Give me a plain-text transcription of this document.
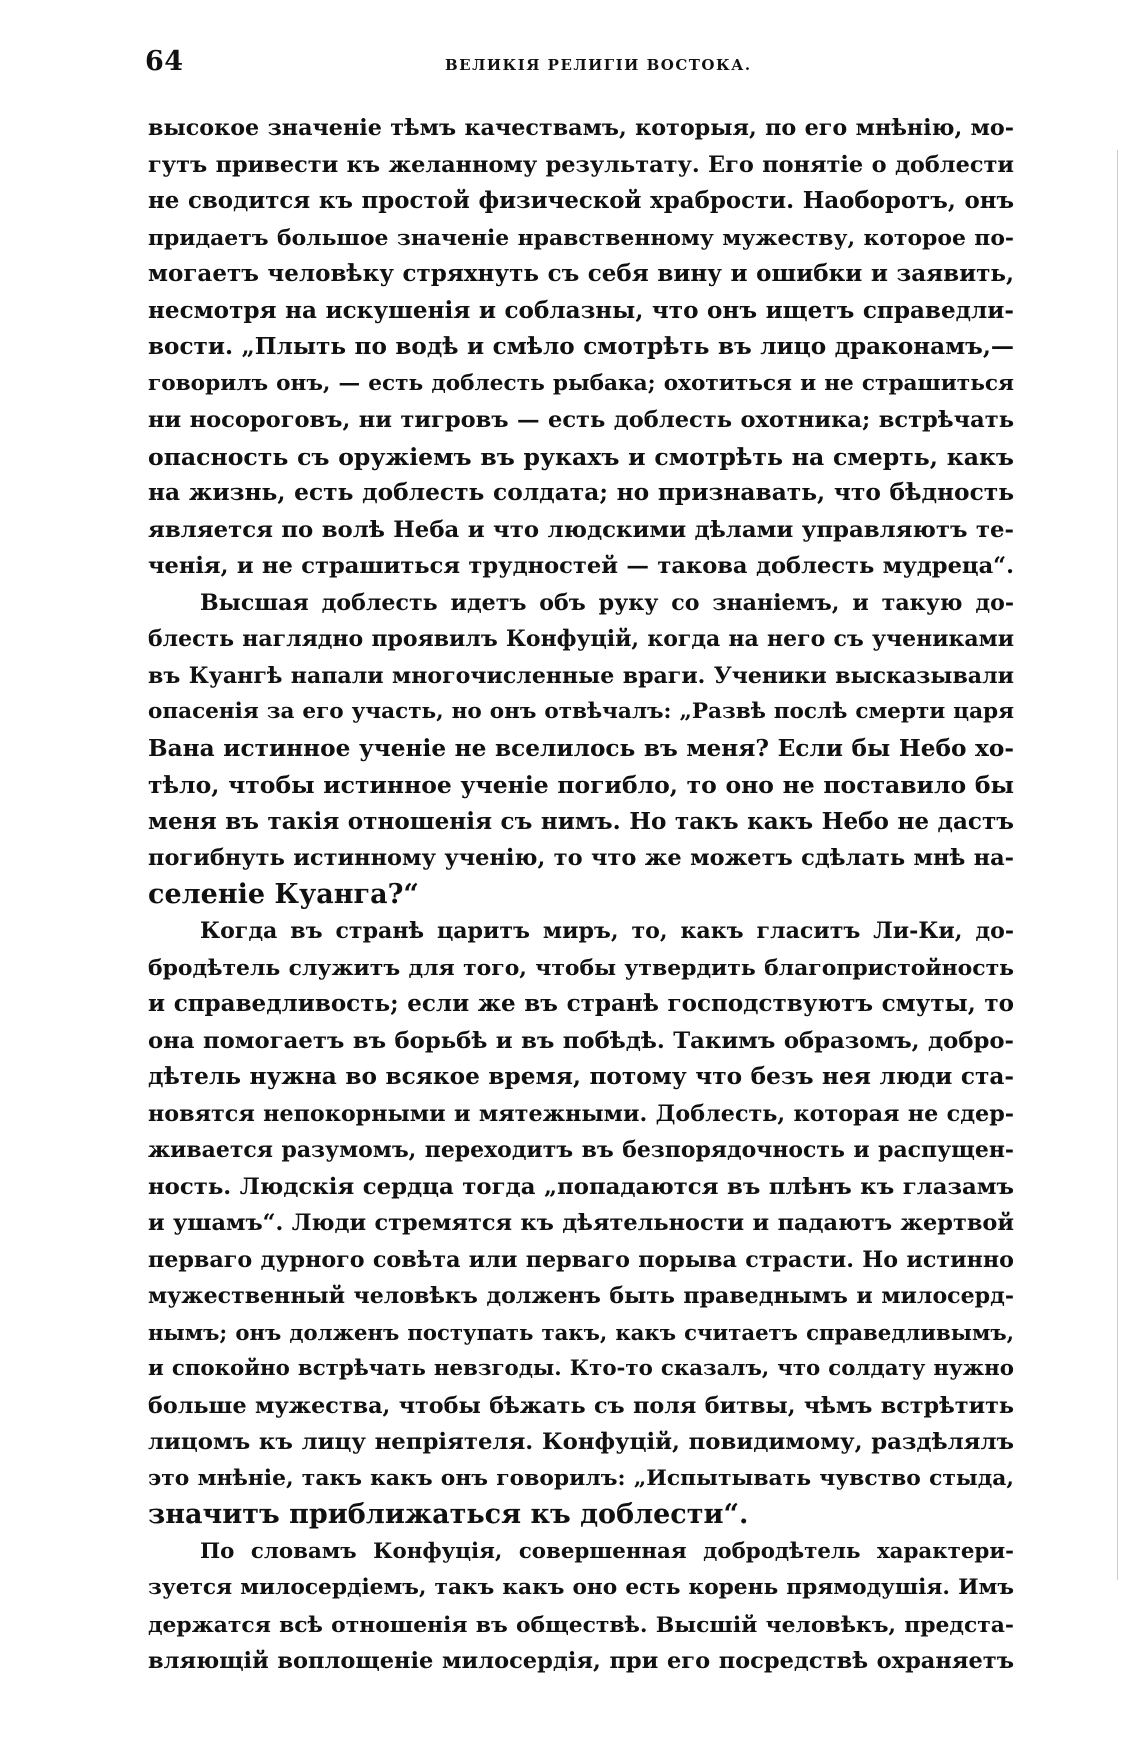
64	ВЕЛИКІЯ РЕЛИГІИ ВОСТОКА.
высокое значеніе тѣмъ качествамъ, которыя, по его мнѣнію, мо-
гутъ привести къ желанному результату. Его понятіе о доблести
не сводится къ простой физической храбрости. Наоборотъ, онъ
придаетъ большое значеніе нравственному мужеству, которое по-
могаетъ человѣку стряхнуть съ себя вину и ошибки и заявить,
несмотря на искушенія и соблазны, что онъ ищетъ справедли-
вости. „Плыть по водѣ и смѣло смотрѣть въ лицо драконамъ,—
говорилъ онъ, — есть доблесть рыбака; охотиться и не страшиться
ни носороговъ, ни тигровъ — есть доблесть охотника; встрѣчать
опасность съ оружіемъ въ рукахъ и смотрѣть на смерть, какъ
на жизнь, есть доблесть солдата; но признавать, что бѣдность
является по волѣ Неба и что людскими дѣлами управляютъ те-
ченія, и не страшиться трудностей — такова доблесть мудреца“.
Высшая доблесть идетъ объ руку со знаніемъ, и такую до-
блесть наглядно проявилъ Конфуцій, когда на него съ учениками
въ Куангѣ напали многочисленные враги. Ученики высказывали
опасенія за его участь, но онъ отвѣчалъ: „Развѣ послѣ смерти царя
Вана истинное ученіе не вселилось въ меня? Если бы Небо хо-
тѣло, чтобы истинное ученіе погибло, то оно не поставило бы
меня въ такія отношенія съ нимъ. Но такъ какъ Небо не дастъ
погибнуть истинному ученію, то что же можетъ сдѣлать мнѣ на-
селеніе Куанга?“
Когда въ странѣ царитъ миръ, то, какъ гласитъ Ли-Ки, до-
бродѣтель служитъ для того, чтобы утвердить благопристойность
и справедливость; если же въ странѣ господствуютъ смуты, то
она помогаетъ въ борьбѣ и въ побѣдѣ. Такимъ образомъ, добро-
дѣтель нужна во всякое время, потому что безъ нея люди ста-
новятся непокорными и мятежными. Доблесть, которая не сдер-
живается разумомъ, переходитъ въ безпорядочность и распущен-
ность. Людскія сердца тогда „попадаются въ плѣнъ къ глазамъ
и ушамъ“. Люди стремятся къ дѣятельности и падаютъ жертвой
перваго дурного совѣта или перваго порыва страсти. Но истинно
мужественный человѣкъ долженъ быть праведнымъ и милосерд-
нымъ; онъ долженъ поступать такъ, какъ считаетъ справедливымъ,
и спокойно встрѣчать невзгоды. Кто-то сказалъ, что солдату нужно
больше мужества, чтобы бѣжать съ поля битвы, чѣмъ встрѣтить
лицомъ къ лицу непріятеля. Конфуцій, повидимому, раздѣлялъ
это мнѣніе, такъ какъ онъ говорилъ: „Испытывать чувство стыда,
значитъ приближаться къ доблести“.
По словамъ Конфуція, совершенная добродѣтель характери-
зуется милосердіемъ, такъ какъ оно есть корень прямодушія. Имъ
держатся всѣ отношенія въ обществѣ. Высшій человѣкъ, предста-
вляющій воплощеніе милосердія, при его посредствѣ охраняетъ
